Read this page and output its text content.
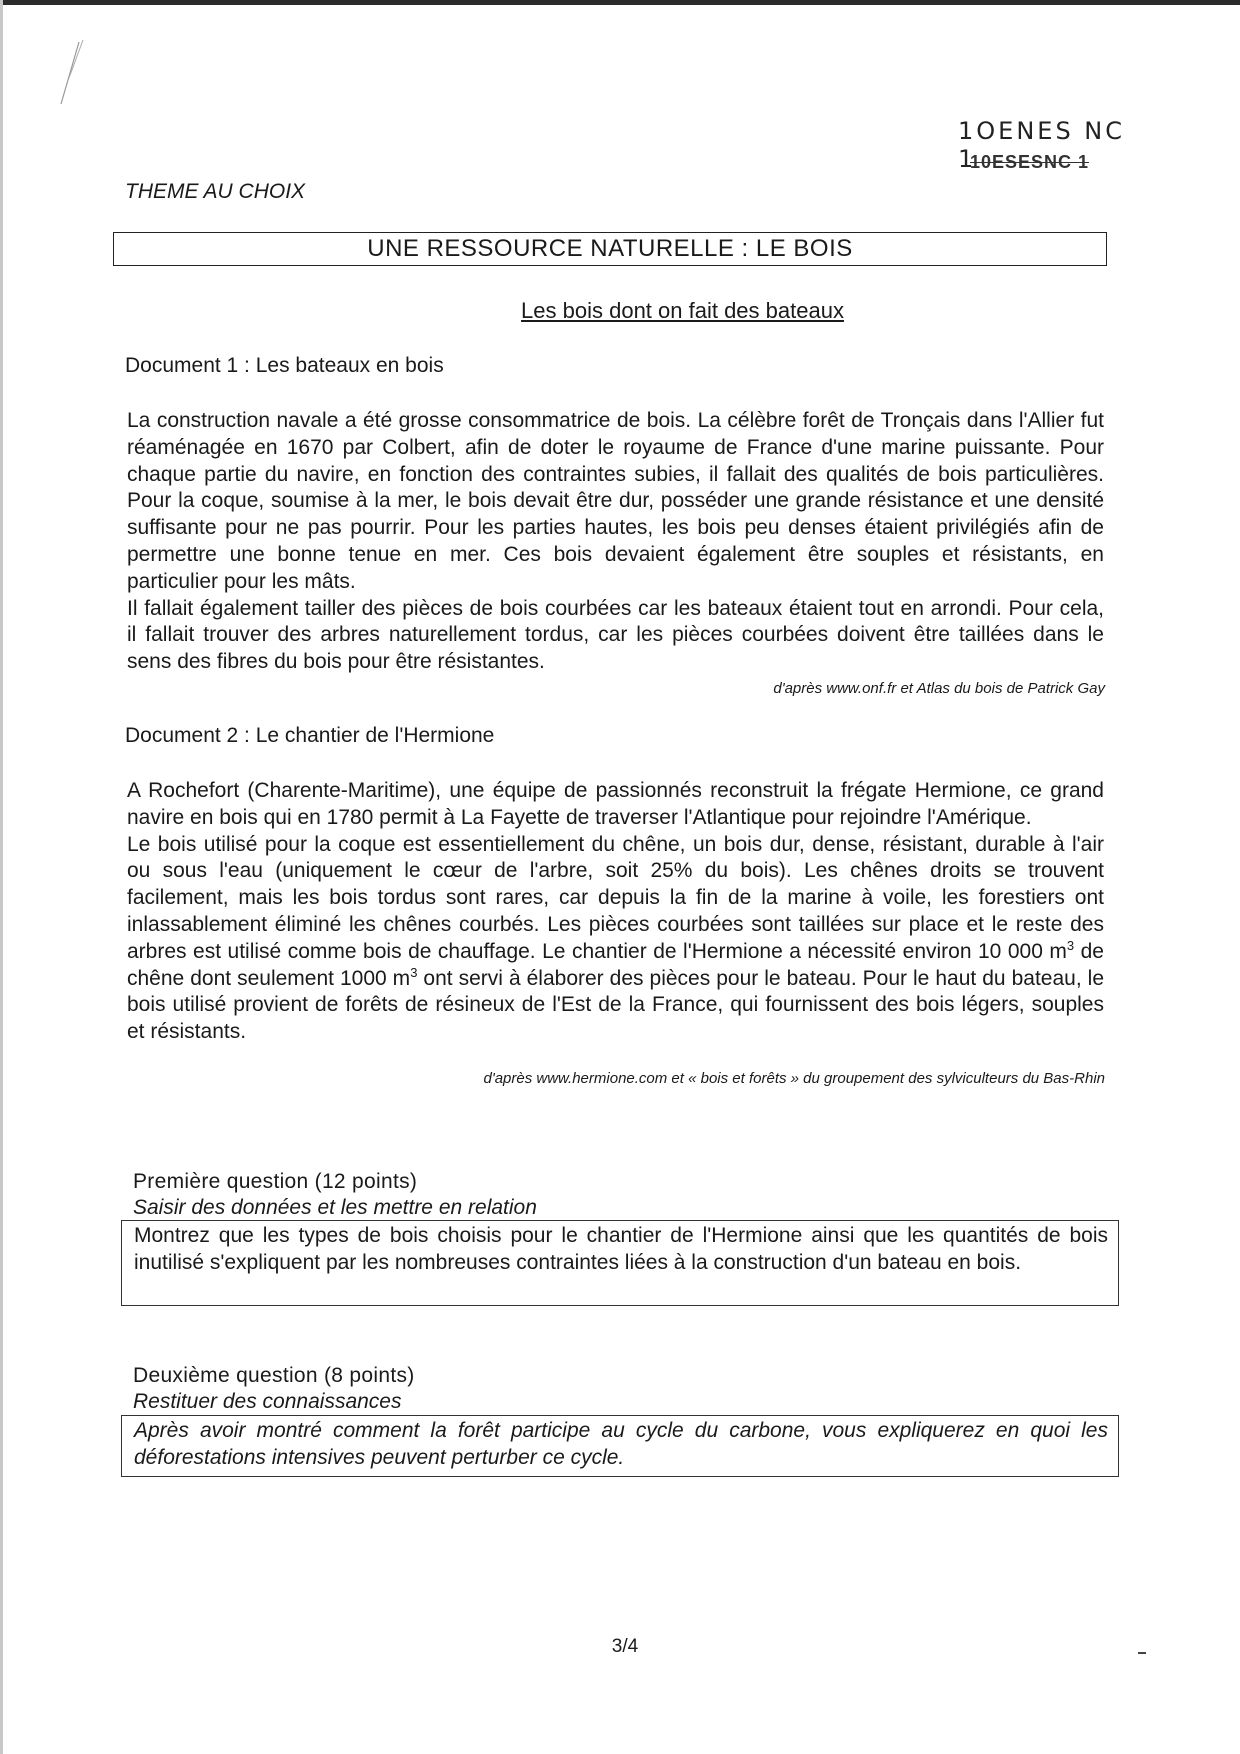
1OENES NC 1
10ESESNC 1
THEME AU CHOIX
UNE RESSOURCE NATURELLE : LE BOIS
Les bois dont on fait des bateaux
Document 1 : Les bateaux en bois

La construction navale a été grosse consommatrice de bois. La célèbre forêt de Tronçais dans l'Allier fut réaménagée en 1670 par Colbert, afin de doter le royaume de France d'une marine puissante. Pour chaque partie du navire, en fonction des contraintes subies, il fallait des qualités de bois particulières. Pour la coque, soumise à la mer, le bois devait être dur, posséder une grande résistance et une densité suffisante pour ne pas pourrir. Pour les parties hautes, les bois peu denses étaient privilégiés afin de permettre une bonne tenue en mer. Ces bois devaient également être souples et résistants, en particulier pour les mâts.

Il fallait également tailler des pièces de bois courbées car les bateaux étaient tout en arrondi. Pour cela, il fallait trouver des arbres naturellement tordus, car les pièces courbées doivent être taillées dans le sens des fibres du bois pour être résistantes.

d'après www.onf.fr et Atlas du bois de Patrick Gay
Document 2 : Le chantier de l'Hermione

A Rochefort (Charente-Maritime), une équipe de passionnés reconstruit la frégate Hermione, ce grand navire en bois qui en 1780 permit à La Fayette de traverser l'Atlantique pour rejoindre l'Amérique.

Le bois utilisé pour la coque est essentiellement du chêne, un bois dur, dense, résistant, durable à l'air ou sous l'eau (uniquement le cœur de l'arbre, soit 25% du bois). Les chênes droits se trouvent facilement, mais les bois tordus sont rares, car depuis la fin de la marine à voile, les forestiers ont inlassablement éliminé les chênes courbés. Les pièces courbées sont taillées sur place et le reste des arbres est utilisé comme bois de chauffage. Le chantier de l'Hermione a nécessité environ 10 000 $m^3$ de chêne dont seulement 1000 $m^3$ ont servi à élaborer des pièces pour le bateau. Pour le haut du bateau, le bois utilisé provient de forêts de résineux de l'Est de la France, qui fournissent des bois légers, souples et résistants.

d'après www.hermione.com et « bois et forêts » du groupement des sylviculteurs du Bas-Rhin
Première question (12 points)
Saisir des données et les mettre en relation
Montrez que les types de bois choisis pour le chantier de l'Hermione ainsi que les quantités de bois inutilisé s'expliquent par les nombreuses contraintes liées à la construction d'un bateau en bois.
Deuxième question (8 points)
Restituer des connaissances
Après avoir montré comment la forêt participe au cycle du carbone, vous expliquerez en quoi les déforestations intensives peuvent perturber ce cycle.
3/4
